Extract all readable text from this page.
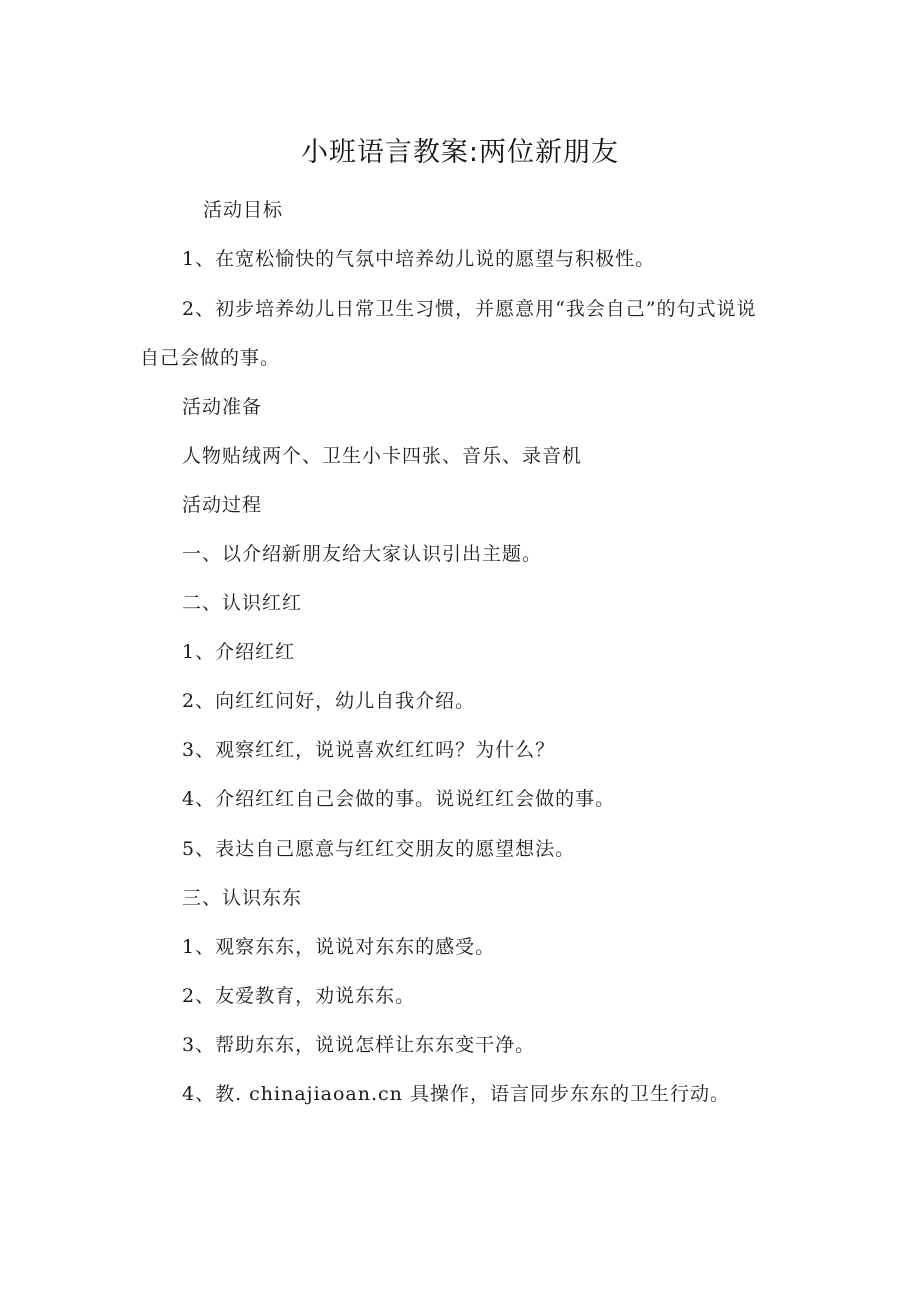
小班语言教案:两位新朋友
活动目标
1、在宽松愉快的气氛中培养幼儿说的愿望与积极性。
2、初步培养幼儿日常卫生习惯，并愿意用“我会自己”的句式说说
自己会做的事。
活动准备
人物贴绒两个、卫生小卡四张、音乐、录音机
活动过程
一、以介绍新朋友给大家认识引出主题。
二、认识红红
1、介绍红红
2、向红红问好，幼儿自我介绍。
3、观察红红，说说喜欢红红吗？为什么？
4、介绍红红自己会做的事。说说红红会做的事。
5、表达自己愿意与红红交朋友的愿望想法。
三、认识东东
1、观察东东，说说对东东的感受。
2、友爱教育，劝说东东。
3、帮助东东，说说怎样让东东变干净。
4、教. chinajiaoan.cn 具操作，语言同步东东的卫生行动。
